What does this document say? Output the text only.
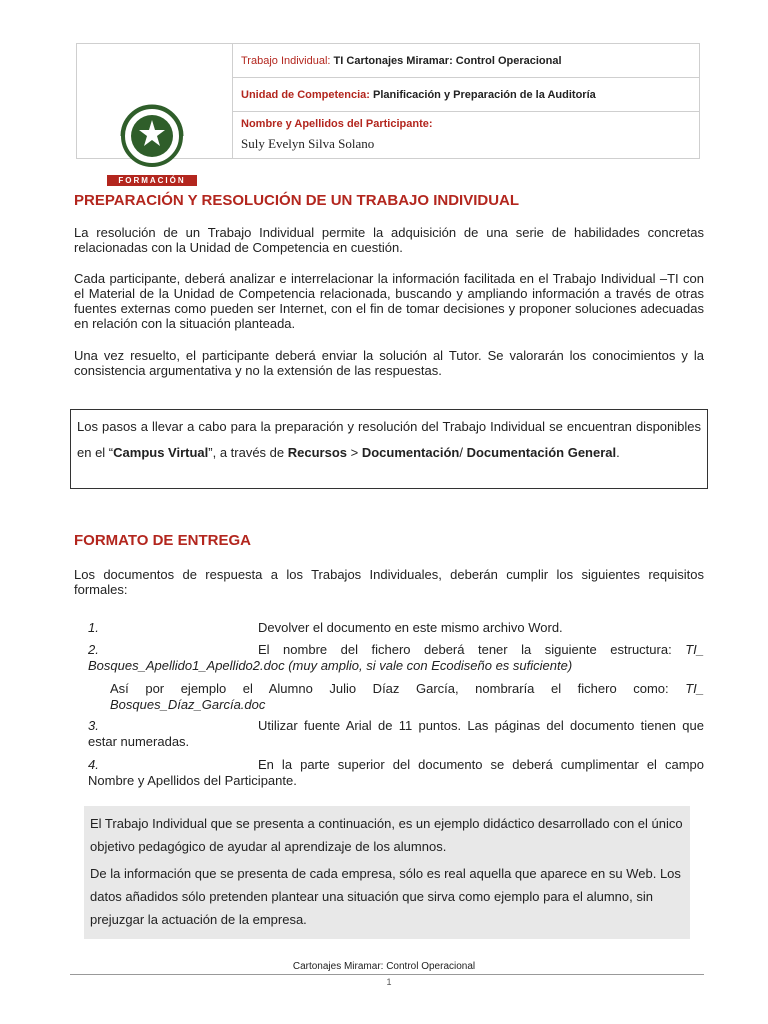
FORMACIÓN
	Trabajo Individual: TI Cartonajes Miramar: Control Operacional
Unidad de Competencia: Planificación y Preparación de la Auditoría

Nombre y Apellidos del Participante:
Suly Evelyn Silva Solano
PREPARACIÓN Y RESOLUCIÓN DE UN TRABAJO INDIVIDUAL
La resolución de un Trabajo Individual permite la adquisición de una serie de habilidades concretas relacionadas con la Unidad de Competencia en cuestión.
Cada participante, deberá analizar e interrelacionar la información facilitada en el Trabajo Individual –TI con el Material de la Unidad de Competencia relacionada, buscando y ampliando información a través de otras fuentes externas como pueden ser Internet, con el fin de tomar decisiones y proponer soluciones adecuadas en relación con la situación planteada.
Una vez resuelto, el participante deberá enviar la solución al Tutor. Se valorarán los conocimientos y la consistencia argumentativa y no la extensión de las respuestas.
Los pasos a llevar a cabo para la preparación y resolución del Trabajo Individual se encuentran disponibles en el “Campus Virtual”, a través de Recursos > Documentación/ Documentación General.
FORMATO DE ENTREGA
Los documentos de respuesta a los Trabajos Individuales, deberán cumplir los siguientes requisitos formales:
1.	Devolver el documento en este mismo archivo Word.
2.	El nombre del fichero deberá tener la siguiente estructura: TI_ Bosques_Apellido1_Apellido2.doc (muy amplio, si vale con Ecodiseño es suficiente)
Así por ejemplo el Alumno Julio Díaz García, nombraría el fichero como: TI_ Bosques_Díaz_García.doc
3.	Utilizar fuente Arial de 11 puntos. Las páginas del documento tienen que estar numeradas.
4.	En la parte superior del documento se deberá cumplimentar el campo Nombre y Apellidos del Participante.

El Trabajo Individual que se presenta a continuación, es un ejemplo didáctico desarrollado con el único objetivo pedagógico de ayudar al aprendizaje de los alumnos.

De la información que se presenta de cada empresa, sólo es real aquella que aparece en su Web. Los datos añadidos sólo pretenden plantear una situación que sirva como ejemplo para el alumno, sin prejuzgar la actuación de la empresa.

Cartonajes Miramar: Control Operacional
1
